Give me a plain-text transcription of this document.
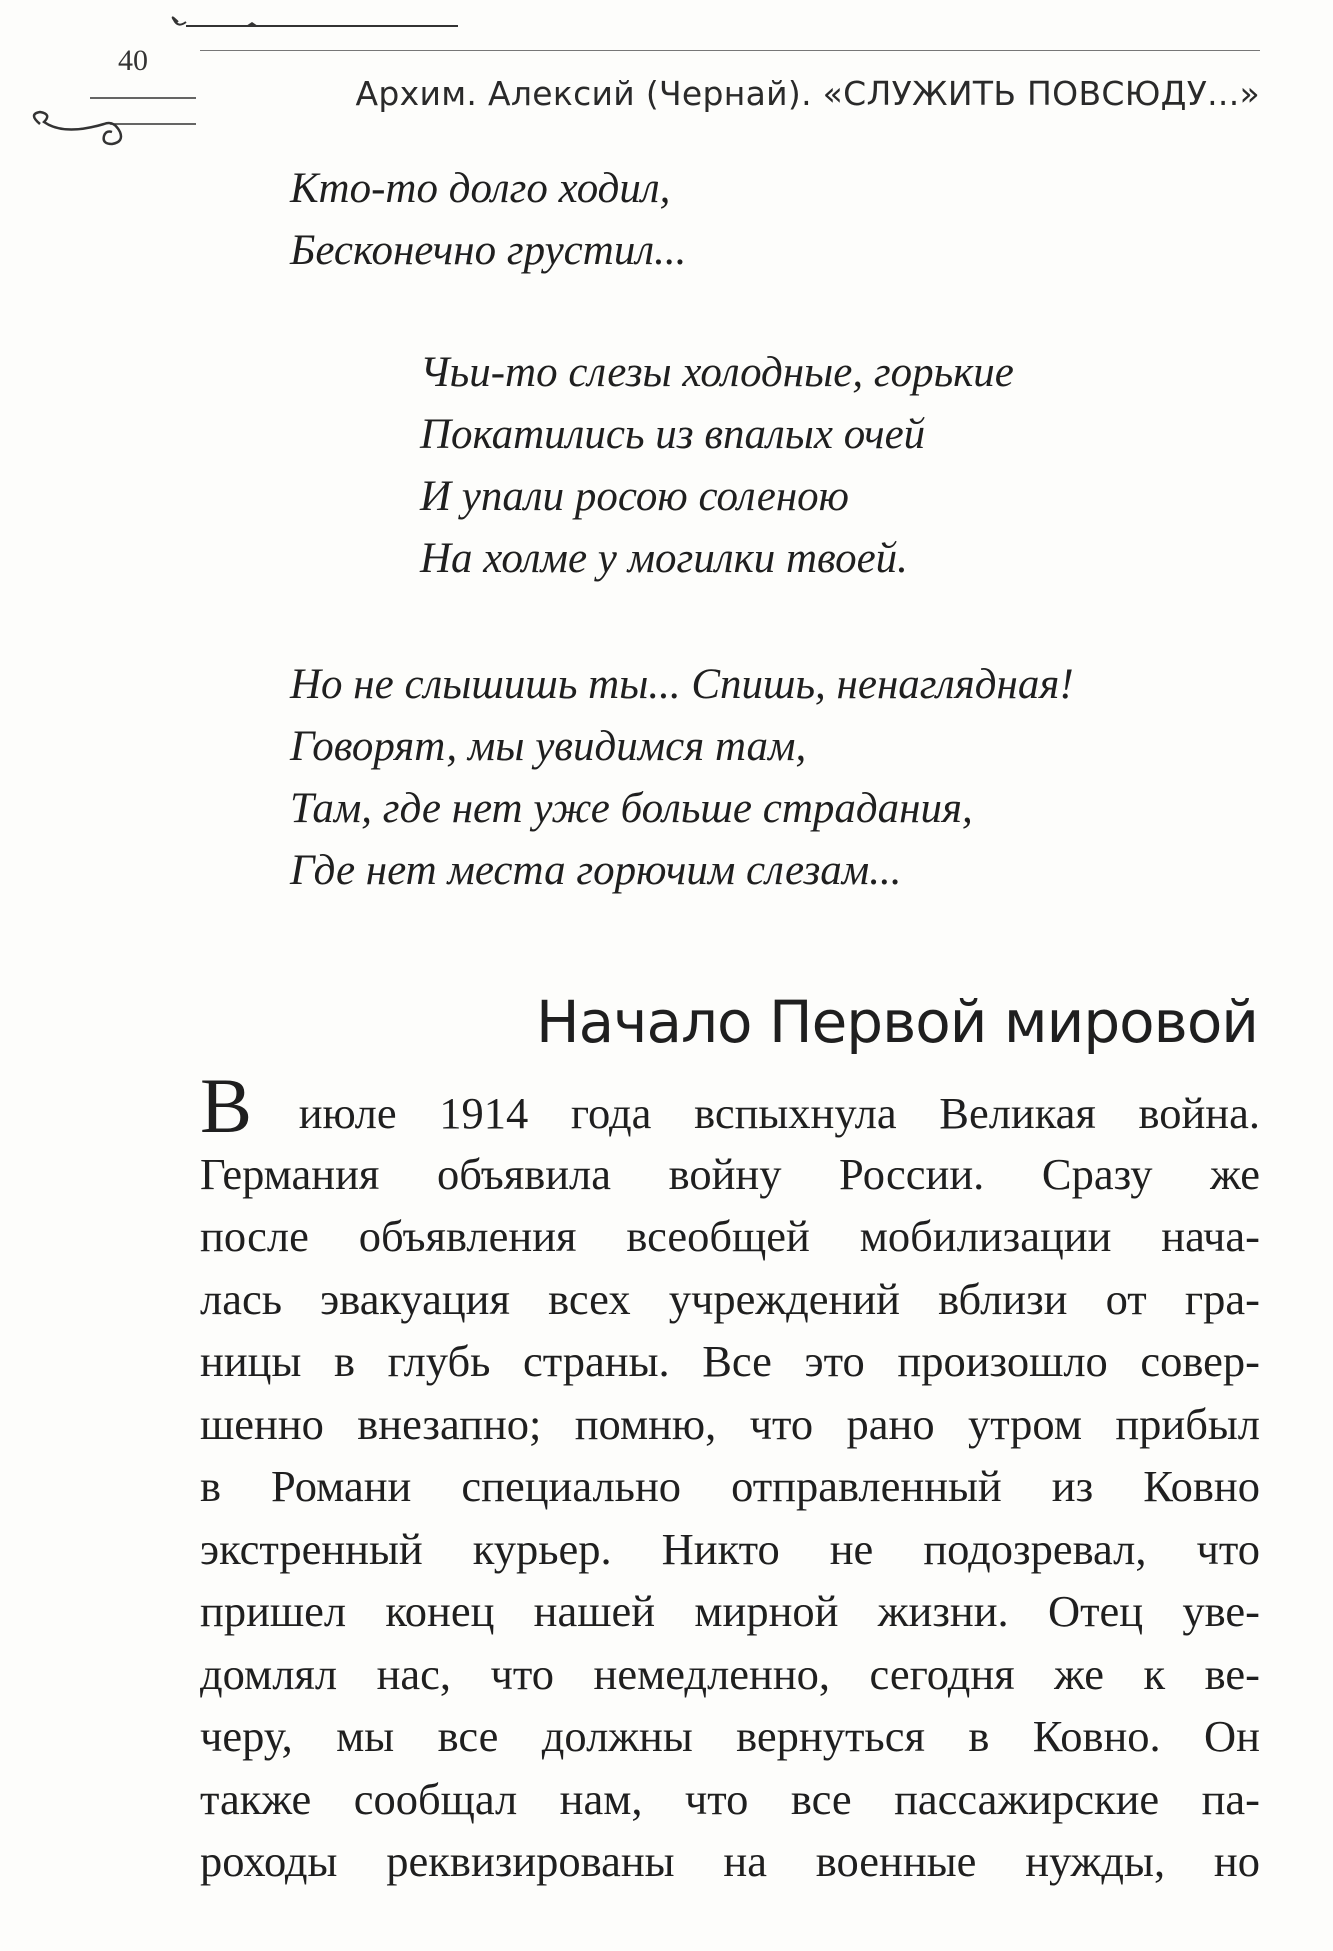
40
Архим. Алексий (Чернай). «СЛУЖИТЬ ПОВСЮДУ...»
Кто-то долго ходил,
Бесконечно грустил...
Чьи-то слезы холодные, горькие
Покатились из впалых очей
И упали росою соленою
На холме у могилки твоей.
Но не слышишь ты... Спишь, ненаглядная!
Говорят, мы увидимся там,
Там, где нет уже больше страдания,
Где нет места горючим слезам...
Начало Первой мировой
В июле 1914 года вспыхнула Великая война.
Германия объявила войну России. Сразу же
после объявления всеобщей мобилизации нача-
лась эвакуация всех учреждений вблизи от гра-
ницы в глубь страны. Все это произошло совер-
шенно внезапно; помню, что рано утром прибыл
в Романи специально отправленный из Ковно
экстренный курьер. Никто не подозревал, что
пришел конец нашей мирной жизни. Отец уве-
домлял нас, что немедленно, сегодня же к ве-
черу, мы все должны вернуться в Ковно. Он
также сообщал нам, что все пассажирские па-
роходы реквизированы на военные нужды, но
